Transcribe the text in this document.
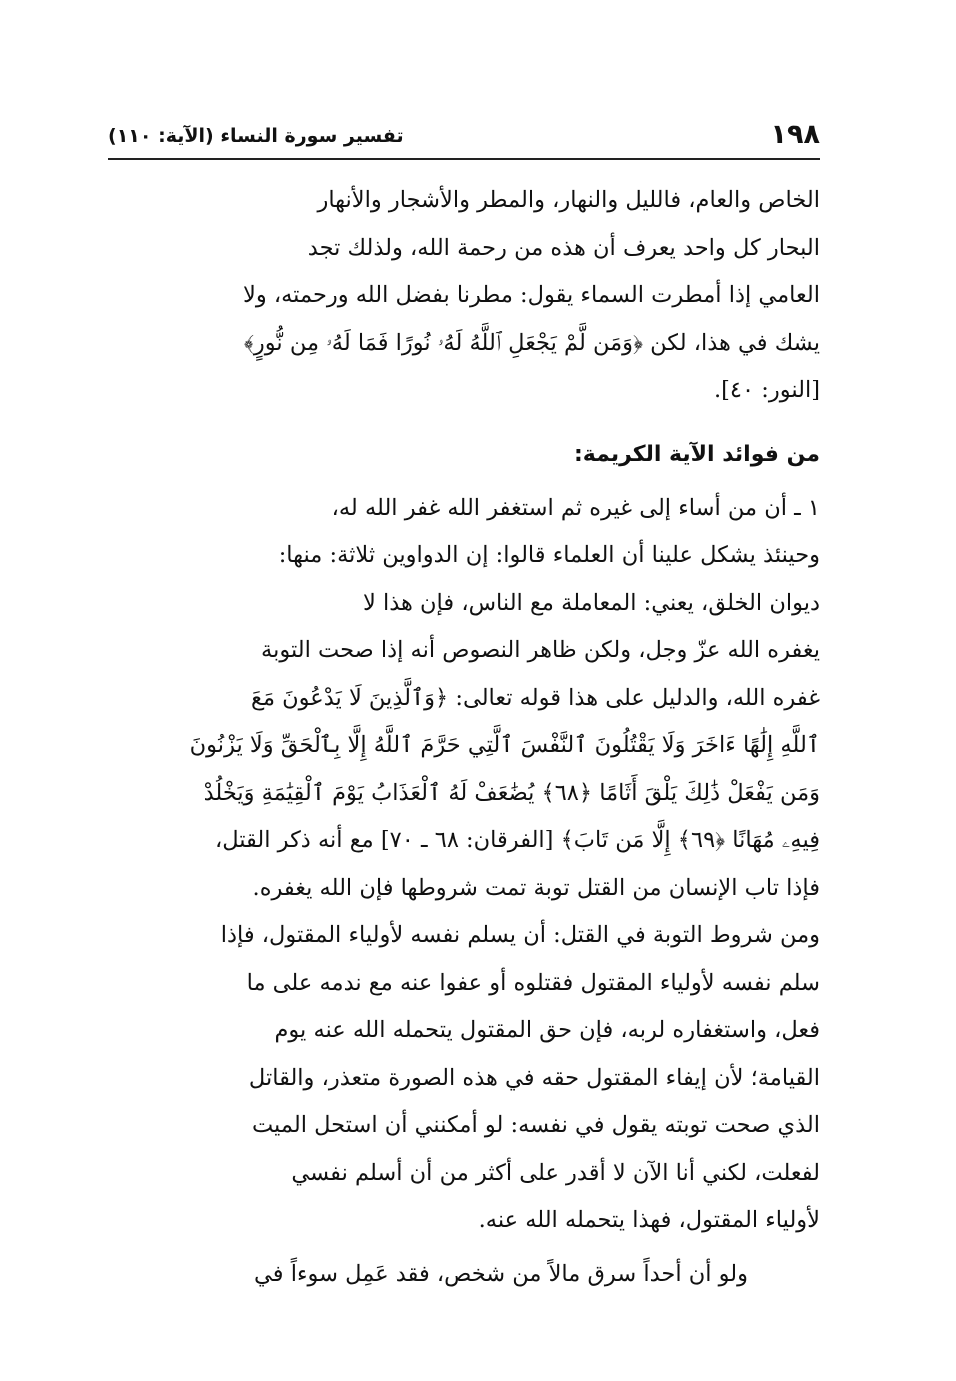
١٩٨
تفسير سورة النساء (الآية: ١١٠)

الخاص والعام، فالليل والنهار، والمطر والأشجار والأنهار
البحار كل واحد يعرف أن هذه من رحمة الله، ولذلك تجد
العامي إذا أمطرت السماء يقول: مطرنا بفضل الله ورحمته، ولا
يشك في هذا، لكن ﴿وَمَن لَّمْ يَجْعَلِ ٱللَّهُ لَهُۥ نُورًا فَمَا لَهُۥ مِن نُّورٍ﴾
[النور: ٤٠].

من فوائد الآية الكريمة:

١ ـ أن من أساء إلى غيره ثم استغفر الله غفر الله له،
وحينئذ يشكل علينا أن العلماء قالوا: إن الدواوين ثلاثة: منها:
ديوان الخلق، يعني: المعاملة مع الناس، فإن هذا لا
يغفره الله عزّ وجل، ولكن ظاهر النصوص أنه إذا صحت التوبة
غفره الله، والدليل على هذا قوله تعالى: ﴿وَٱلَّذِينَ لَا يَدْعُونَ مَعَ
ٱللَّهِ إِلَٰهًا ءَاخَرَ وَلَا يَقْتُلُونَ ٱلنَّفْسَ ٱلَّتِي حَرَّمَ ٱللَّهُ إِلَّا بِٱلْحَقِّ وَلَا يَزْنُونَ
وَمَن يَفْعَلْ ذَٰلِكَ يَلْقَ أَثَامًا ﴿٦٨﴾ يُضَٰعَفْ لَهُ ٱلْعَذَابُ يَوْمَ ٱلْقِيَٰمَةِ وَيَخْلُدْ
فِيهِۦ مُهَانًا ﴿٦٩﴾ إِلَّا مَن تَابَ﴾ [الفرقان: ٦٨ ـ ٧٠] مع أنه ذكر القتل،
فإذا تاب الإنسان من القتل توبة تمت شروطها فإن الله يغفره.
ومن شروط التوبة في القتل: أن يسلم نفسه لأولياء المقتول، فإذا
سلم نفسه لأولياء المقتول فقتلوه أو عفوا عنه مع ندمه على ما
فعل، واستغفاره لربه، فإن حق المقتول يتحمله الله عنه يوم
القيامة؛ لأن إيفاء المقتول حقه في هذه الصورة متعذر، والقاتل
الذي صحت توبته يقول في نفسه: لو أمكنني أن استحل الميت
لفعلت، لكني أنا الآن لا أقدر على أكثر من أن أسلم نفسي
لأولياء المقتول، فهذا يتحمله الله عنه.

ولو أن أحداً سرق مالاً من شخص، فقد عَمِل سوءاً في
